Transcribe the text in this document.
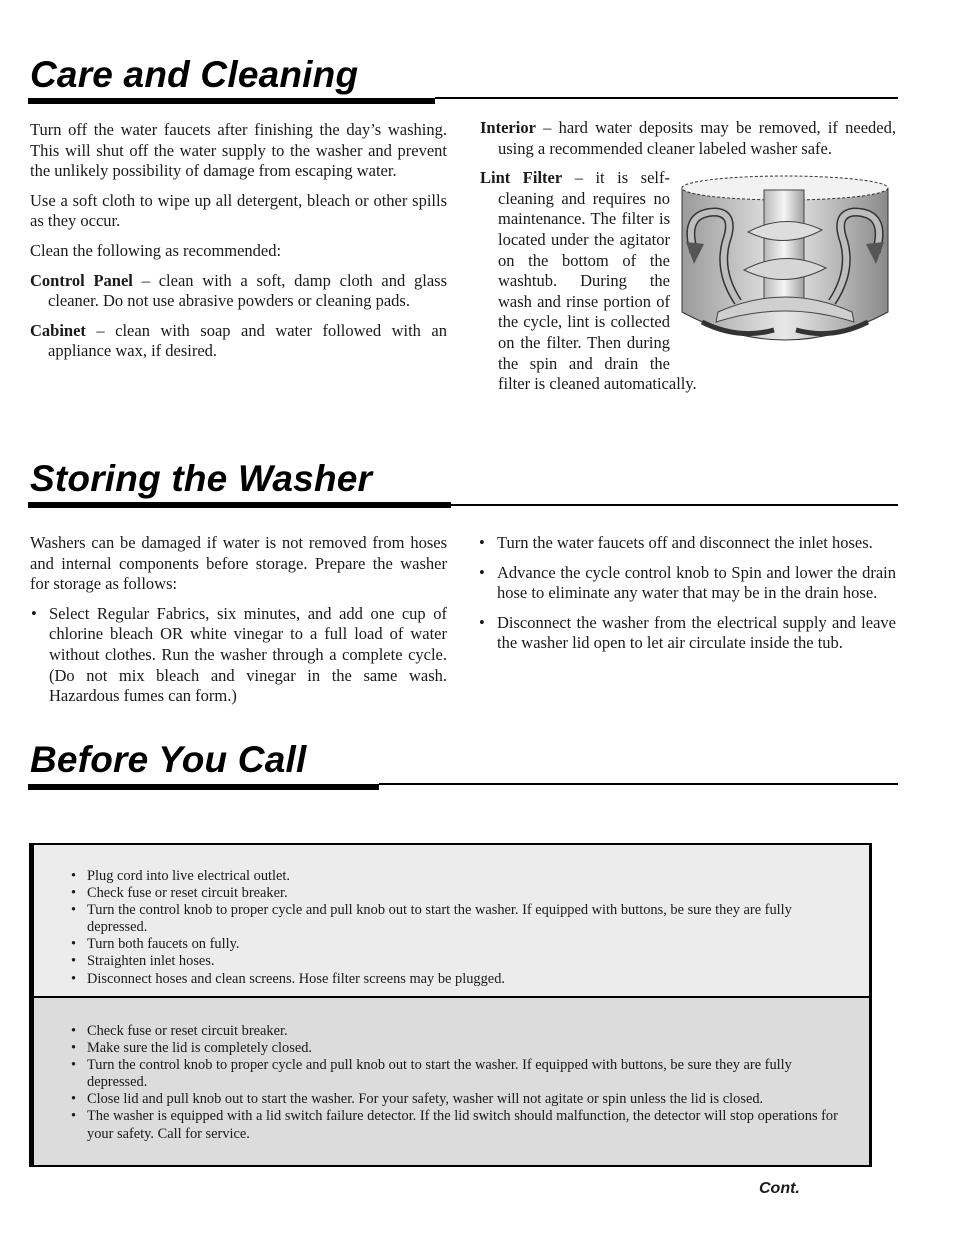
Care and Cleaning

Turn off the water faucets after finishing the day’s washing. This will shut off the water supply to the washer and prevent the unlikely possibility of damage from escaping water.

Use a soft cloth to wipe up all detergent, bleach or other spills as they occur.

Clean the following as recommended:

Control Panel – clean with a soft, damp cloth and glass cleaner. Do not use abrasive powders or cleaning pads.

Cabinet – clean with soap and water followed with an appliance wax, if desired.

Interior – hard water deposits may be removed, if needed, using a recommended cleaner labeled washer safe.

Lint Filter – it is self-cleaning and requires no maintenance. The filter is located under the agitator on the bottom of the washtub. During the wash and rinse portion of the cycle, lint is collected on the filter. Then during the spin and drain the filter is cleaned automatically.
Storing the Washer

Washers can be damaged if water is not removed from hoses and internal components before storage. Prepare the washer for storage as follows:

• Select Regular Fabrics, six minutes, and add one cup of chlorine bleach OR white vinegar to a full load of water without clothes. Run the washer through a complete cycle. (Do not mix bleach and vinegar in the same wash. Hazardous fumes can form.)
• Turn the water faucets off and disconnect the inlet hoses.
• Advance the cycle control knob to Spin and lower the drain hose to eliminate any water that may be in the drain hose.
• Disconnect the washer from the electrical supply and leave the washer lid open to let air circulate inside the tub.
Before You Call
• Plug cord into live electrical outlet.
• Check fuse or reset circuit breaker.
• Turn the control knob to proper cycle and pull knob out to start the washer. If equipped with buttons, be sure they are fully depressed.
• Turn both faucets on fully.
• Straighten inlet hoses.
• Disconnect hoses and clean screens. Hose filter screens may be plugged.
• Check fuse or reset circuit breaker.
• Make sure the lid is completely closed.
• Turn the control knob to proper cycle and pull knob out to start the washer. If equipped with buttons, be sure they are fully depressed.
• Close lid and pull knob out to start the washer. For your safety, washer will not agitate or spin unless the lid is closed.
• The washer is equipped with a lid switch failure detector. If the lid switch should malfunction, the detector will stop operations for your safety. Call for service.
Cont.
